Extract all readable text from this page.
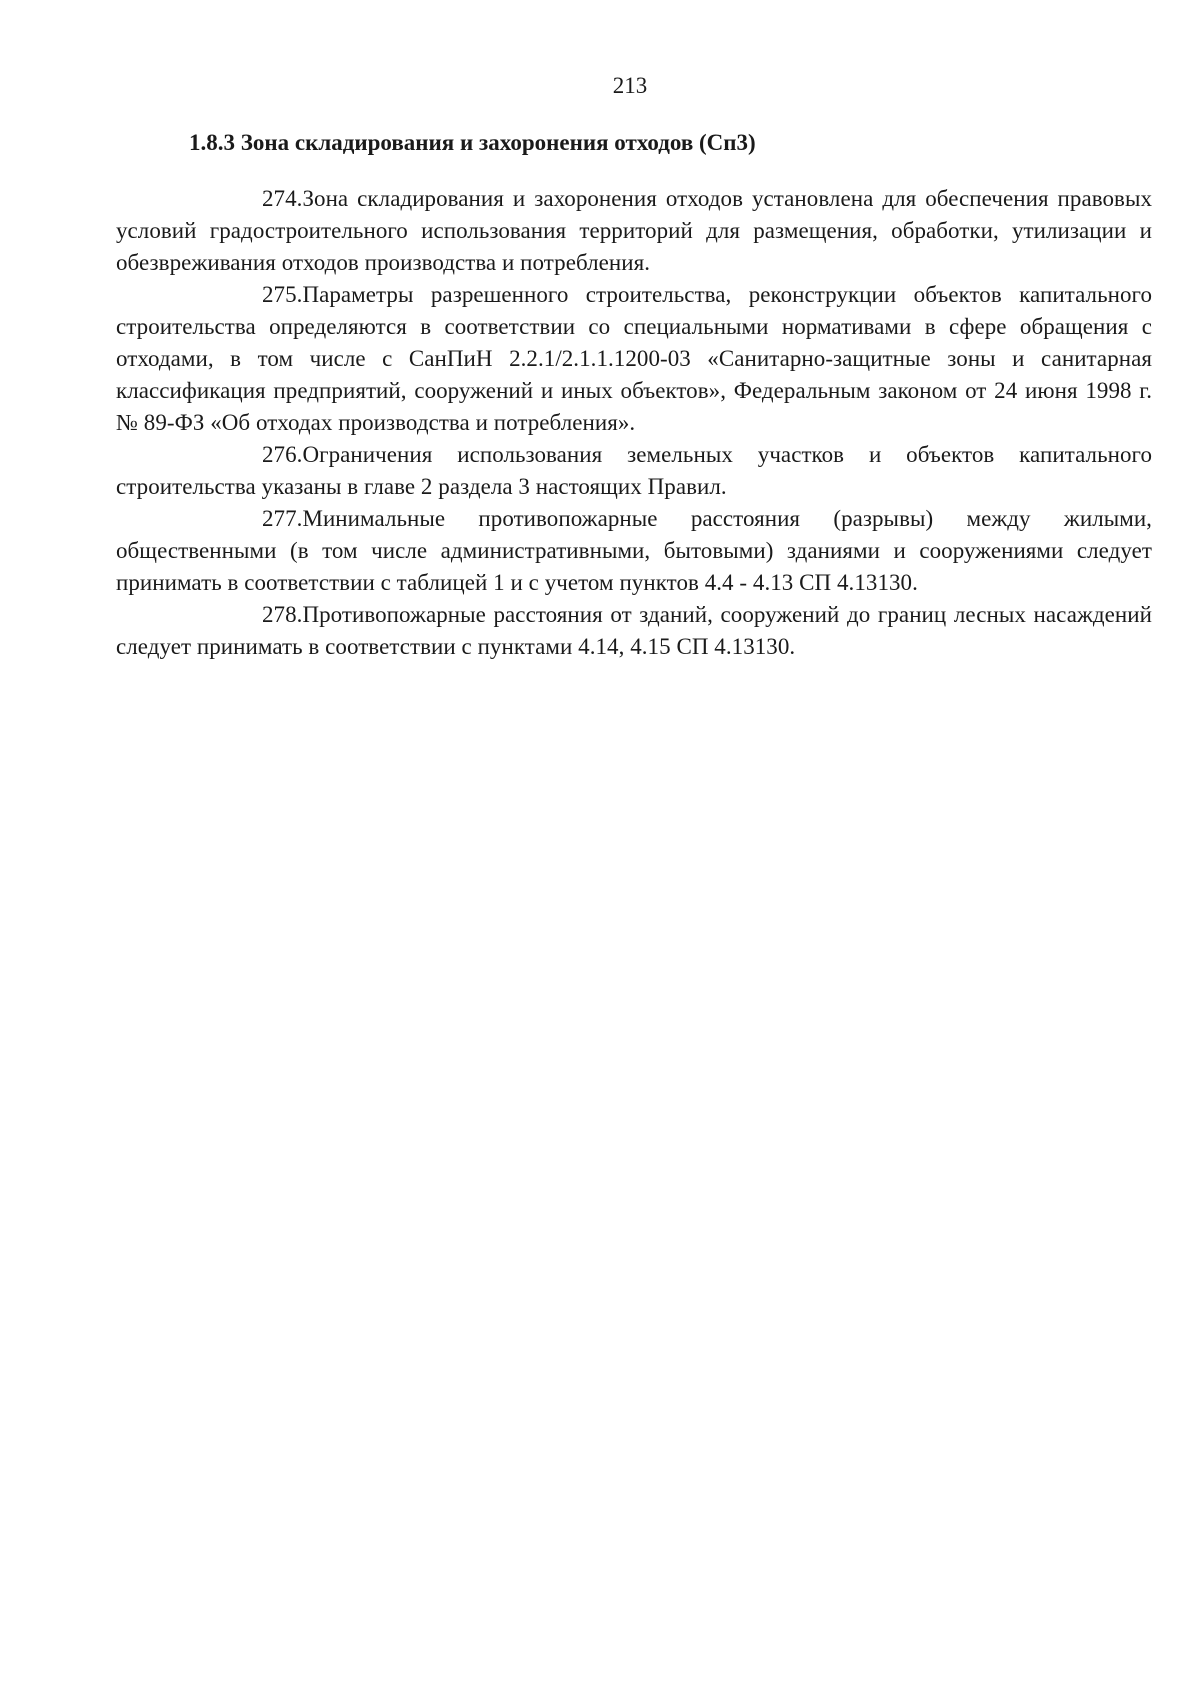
213
1.8.3 Зона складирования и захоронения отходов (Сп3)

274.Зона складирования и захоронения отходов установлена для обеспечения правовых условий градостроительного использования территорий для размещения, обработки, утилизации и обезвреживания отходов производства и потребления.

275.Параметры разрешенного строительства, реконструкции объектов капитального строительства определяются в соответствии со специальными нормативами в сфере обращения с отходами, в том числе с СанПиН 2.2.1/2.1.1.1200-03 «Санитарно-защитные зоны и санитарная классификация предприятий, сооружений и иных объектов», Федеральным законом от 24 июня 1998 г. № 89-ФЗ «Об отходах производства и потребления».

276.Ограничения использования земельных участков и объектов капитального строительства указаны в главе 2 раздела 3 настоящих Правил.

277.Минимальные противопожарные расстояния (разрывы) между жилыми, общественными (в том числе административными, бытовыми) зданиями и сооружениями следует принимать в соответствии с таблицей 1 и с учетом пунктов 4.4 - 4.13 СП 4.13130.

278.Противопожарные расстояния от зданий, сооружений до границ лесных насаждений следует принимать в соответствии с пунктами 4.14, 4.15 СП 4.13130.
